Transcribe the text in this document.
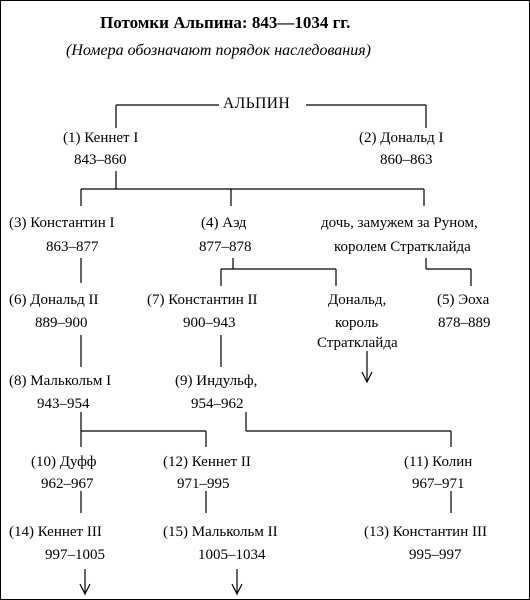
Потомки Альпина: 843—1034 гг.
(Номера обозначают порядок наследования)
АЛЬПИН
(1) Кеннет I
843–860
(2) Дональд I
860–863
(3) Константин I
863–877
(4) Аэд
877–878
дочь, замужем за Руном,
королем Стратклайда
(6) Дональд II
889–900
(7) Константин II
900–943
Дональд,
король
Стратклайда
(5) Эоха
878–889
(8) Малькольм I
943–954
(9) Индульф,
954–962
(10) Дуфф
962–967
(12) Кеннет II
971–995
(11) Колин
967–971
(14) Кеннет III
997–1005
(15) Малькольм II
1005–1034
(13) Константин III
995–997
